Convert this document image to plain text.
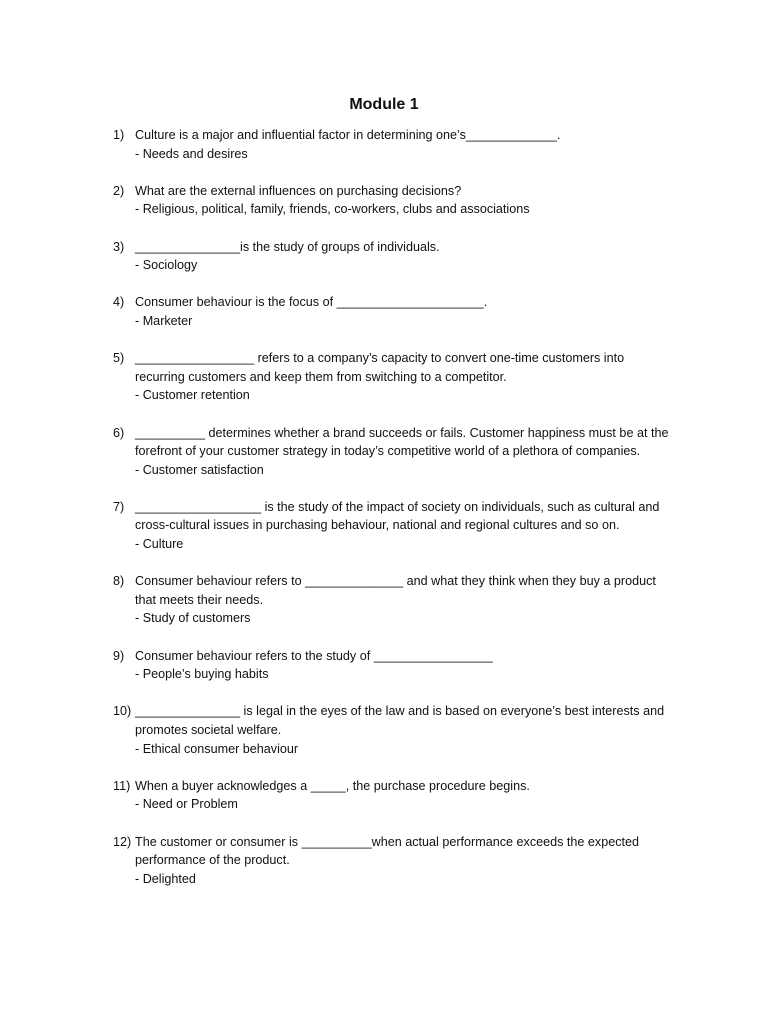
Module 1
1) Culture is a major and influential factor in determining one’s_____________.
- Needs and desires
2) What are the external influences on purchasing decisions?
- Religious, political, family, friends, co-workers, clubs and associations
3) _______________is the study of groups of individuals.
- Sociology
4) Consumer behaviour is the focus of _____________________.
- Marketer
5) _________________ refers to a company’s capacity to convert one-time customers into recurring customers and keep them from switching to a competitor.
- Customer retention
6) __________ determines whether a brand succeeds or fails. Customer happiness must be at the forefront of your customer strategy in today’s competitive world of a plethora of companies.
- Customer satisfaction
7) __________________ is the study of the impact of society on individuals, such as cultural and cross-cultural issues in purchasing behaviour, national and regional cultures and so on.
- Culture
8) Consumer behaviour refers to ______________ and what they think when they buy a product that meets their needs.
- Study of customers
9) Consumer behaviour refers to the study of _________________
- People’s buying habits
10) _______________ is legal in the eyes of the law and is based on everyone’s best interests and promotes societal welfare.
- Ethical consumer behaviour
11) When a buyer acknowledges a _____, the purchase procedure begins.
- Need or Problem
12) The customer or consumer is __________when actual performance exceeds the expected performance of the product.
- Delighted
